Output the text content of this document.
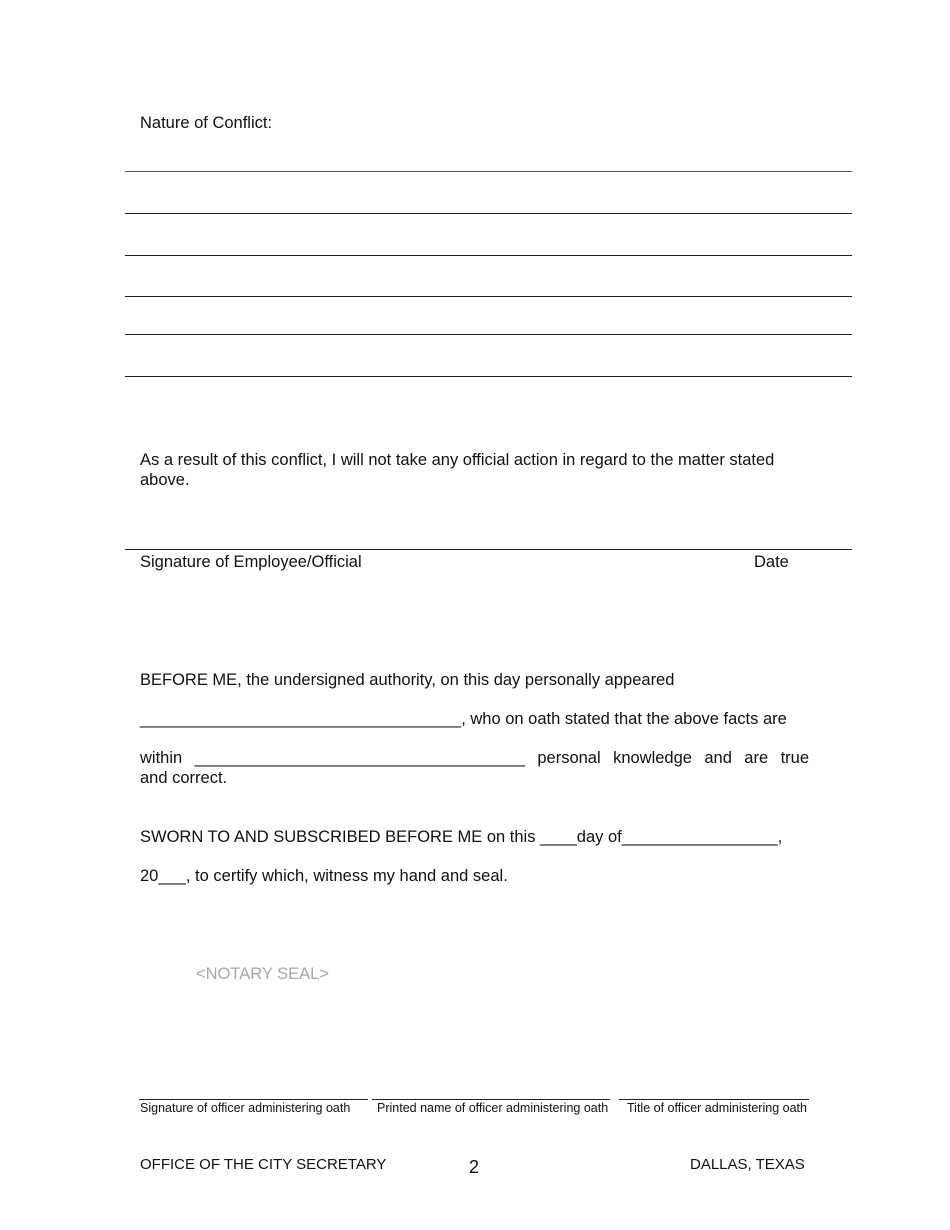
Nature of Conflict:
As a result of this conflict, I will not take any official action in regard to the matter stated
above.
Signature of Employee/Official	Date
BEFORE ME, the undersigned authority, on this day personally appeared
___________________________________ , who on oath stated that the above facts are
within ____________________________________ personal knowledge and are true
and correct.
SWORN TO AND SUBSCRIBED BEFORE ME on this ____day of_________________,
20___, to certify which, witness my hand and seal.
<NOTARY SEAL>
Signature of officer administering oath Printed name of officer administering oath Title of officer administering oath
OFFICE OF THE CITY SECRETARY	2	DALLAS, TEXAS
